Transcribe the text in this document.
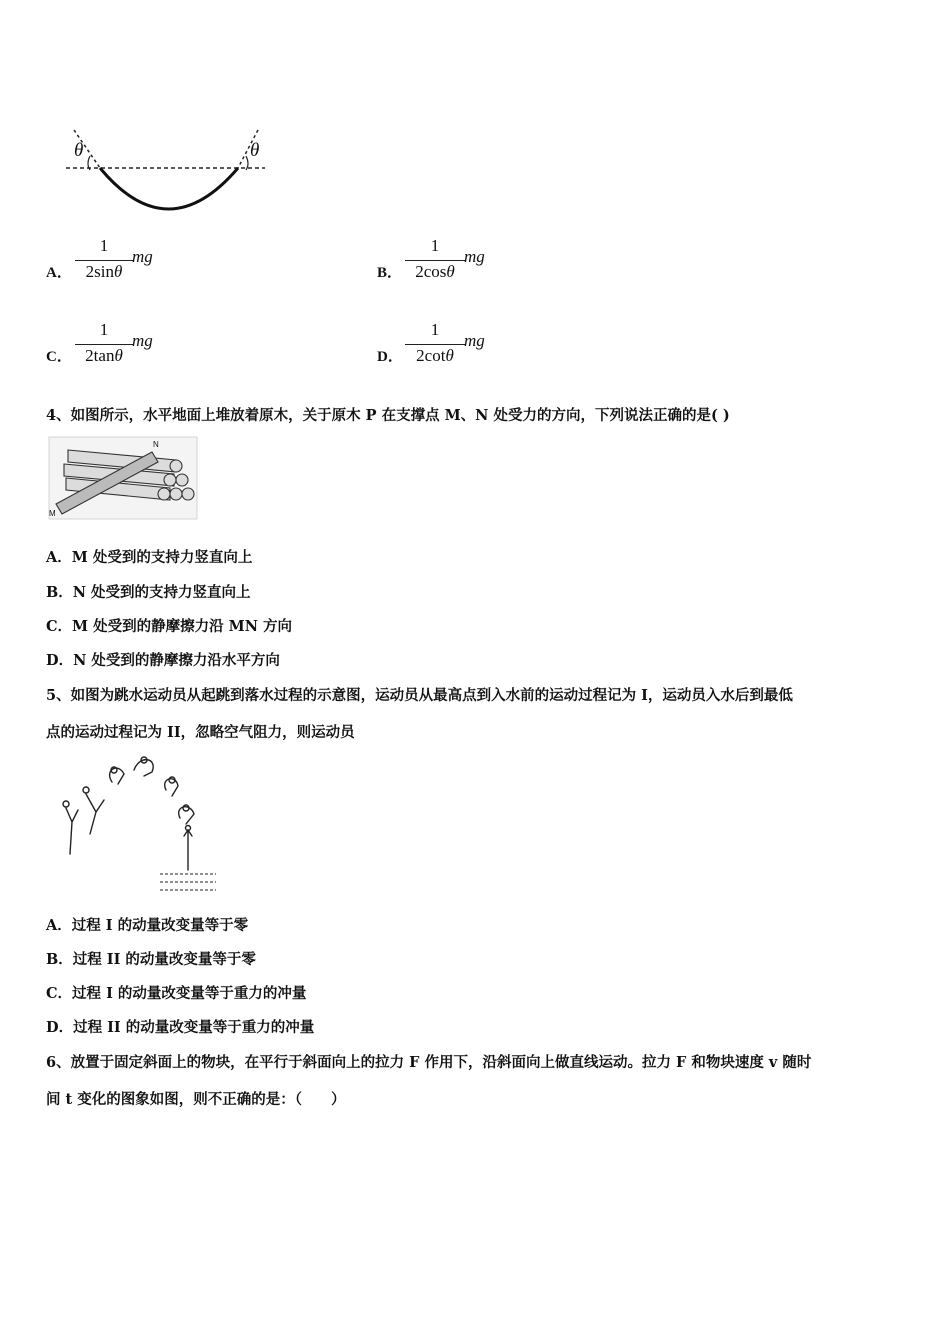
θ	θ
A．
1
2sinθ
mg
B．
1
2cosθ
mg
C．
1
2tanθ
mg
D．
1
2cotθ
mg
4、如图所示，水平地面上堆放着原木，关于原木 P 在支撑点 M、N 处受力的方向，下列说法正确的是( )
M
N
A．M 处受到的支持力竖直向上
B．N 处受到的支持力竖直向上
C．M 处受到的静摩擦力沿 MN 方向
D．N 处受到的静摩擦力沿水平方向
5、如图为跳水运动员从起跳到落水过程的示意图，运动员从最高点到入水前的运动过程记为 I，运动员入水后到最低
点的运动过程记为 II，忽略空气阻力，则运动员
A．过程 I 的动量改变量等于零
B．过程 II 的动量改变量等于零
C．过程 I 的动量改变量等于重力的冲量
D．过程 II 的动量改变量等于重力的冲量
6、放置于固定斜面上的物块，在平行于斜面向上的拉力 F 作用下，沿斜面向上做直线运动。拉力 F 和物块速度 v 随时
间 t 变化的图象如图，则不正确的是：（　　）
